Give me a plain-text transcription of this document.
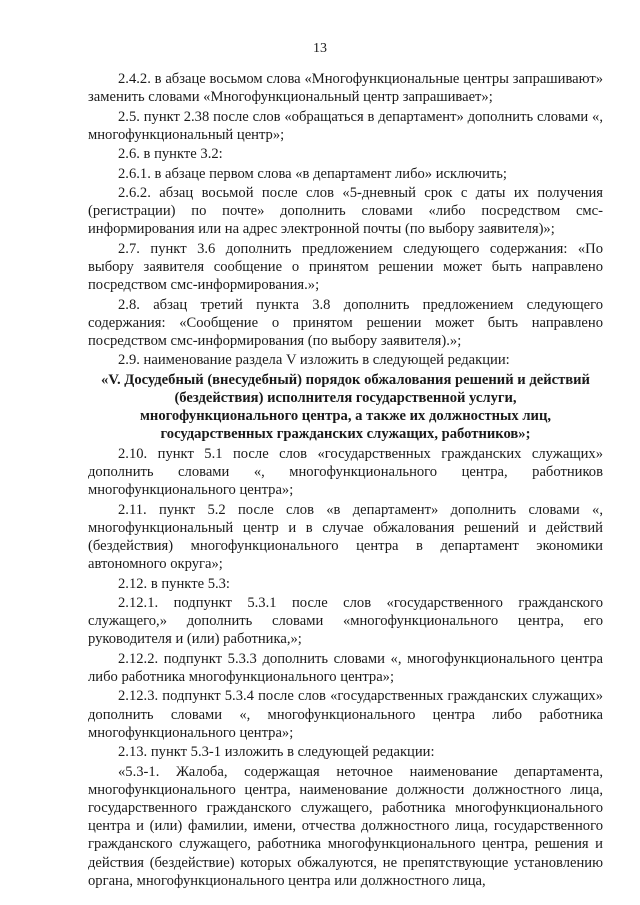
13

2.4.2. в абзаце восьмом слова «Многофункциональные центры запрашивают» заменить словами «Многофункциональный центр запрашивает»;

2.5. пункт 2.38 после слов «обращаться в департамент» дополнить словами «, многофункциональный центр»;

2.6. в пункте 3.2:

2.6.1. в абзаце первом слова «в департамент либо» исключить;

2.6.2. абзац восьмой после слов «5-дневный срок с даты их получения (регистрации) по почте» дополнить словами «либо посредством смс-информирования или на адрес электронной почты (по выбору заявителя)»;

2.7. пункт 3.6 дополнить предложением следующего содержания: «По выбору заявителя сообщение о принятом решении может быть направлено посредством смс-информирования.»;

2.8. абзац третий пункта 3.8 дополнить предложением следующего содержания: «Сообщение о принятом решении может быть направлено посредством смс-информирования (по выбору заявителя).»;

2.9. наименование раздела V изложить в следующей редакции:

«V. Досудебный (внесудебный) порядок обжалования решений и действий (бездействия) исполнителя государственной услуги, многофункционального центра, а также их должностных лиц, государственных гражданских служащих, работников»;

2.10. пункт 5.1 после слов «государственных гражданских служащих» дополнить словами «, многофункционального центра, работников многофункционального центра»;

2.11. пункт 5.2 после слов «в департамент» дополнить словами «, многофункциональный центр и в случае обжалования решений и действий (бездействия) многофункционального центра в департамент экономики автономного округа»;

2.12. в пункте 5.3:

2.12.1. подпункт 5.3.1 после слов «государственного гражданского служащего,» дополнить словами «многофункционального центра, его руководителя и (или) работника,»;

2.12.2. подпункт 5.3.3 дополнить словами «, многофункционального центра либо работника многофункционального центра»;

2.12.3. подпункт 5.3.4 после слов «государственных гражданских служащих» дополнить словами «, многофункционального центра либо работника многофункционального центра»;

2.13. пункт 5.3-1 изложить в следующей редакции:

«5.3-1. Жалоба, содержащая неточное наименование департамента, многофункционального центра, наименование должности должностного лица, государственного гражданского служащего, работника многофункционального центра и (или) фамилии, имени, отчества должностного лица, государственного гражданского служащего, работника многофункционального центра, решения и действия (бездействие) которых обжалуются, не препятствующие установлению органа, многофункционального центра или должностного лица,
